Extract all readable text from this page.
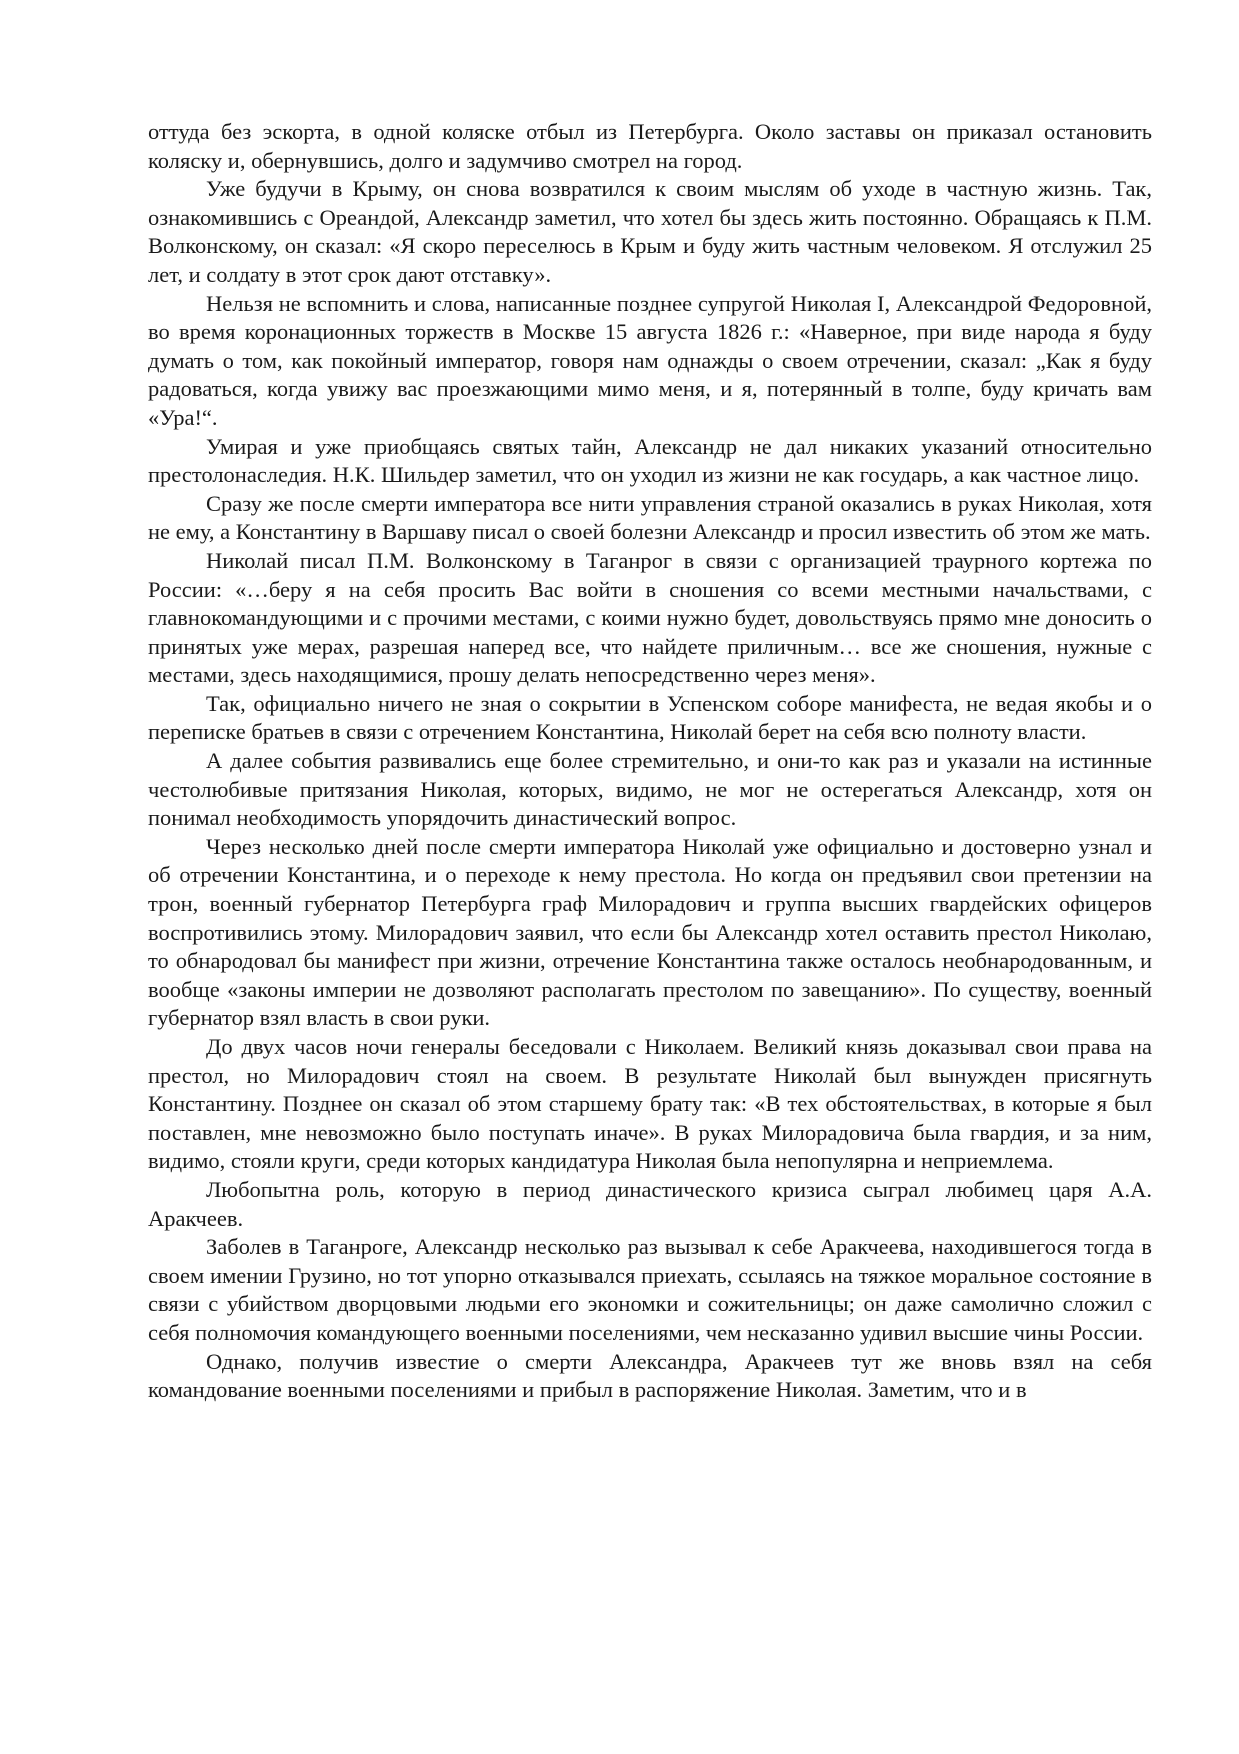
оттуда без эскорта, в одной коляске отбыл из Петербурга. Около заставы он приказал остановить коляску и, обернувшись, долго и задумчиво смотрел на город.

Уже будучи в Крыму, он снова возвратился к своим мыслям об уходе в частную жизнь. Так, ознакомившись с Ореандой, Александр заметил, что хотел бы здесь жить постоянно. Обращаясь к П.М. Волконскому, он сказал: «Я скоро переселюсь в Крым и буду жить частным человеком. Я отслужил 25 лет, и солдату в этот срок дают отставку».

Нельзя не вспомнить и слова, написанные позднее супругой Николая I, Александрой Федоровной, во время коронационных торжеств в Москве 15 августа 1826 г.: «Наверное, при виде народа я буду думать о том, как покойный император, говоря нам однажды о своем отречении, сказал: „Как я буду радоваться, когда увижу вас проезжающими мимо меня, и я, потерянный в толпе, буду кричать вам «Ура!“.

Умирая и уже приобщаясь святых тайн, Александр не дал никаких указаний относительно престолонаследия. Н.К. Шильдер заметил, что он уходил из жизни не как государь, а как частное лицо.

Сразу же после смерти императора все нити управления страной оказались в руках Николая, хотя не ему, а Константину в Варшаву писал о своей болезни Александр и просил известить об этом же мать.

Николай писал П.М. Волконскому в Таганрог в связи с организацией траурного кортежа по России: «…беру я на себя просить Вас войти в сношения со всеми местными начальствами, с главнокомандующими и с прочими местами, с коими нужно будет, довольствуясь прямо мне доносить о принятых уже мерах, разрешая наперед все, что найдете приличным… все же сношения, нужные с местами, здесь находящимися, прошу делать непосредственно через меня».

Так, официально ничего не зная о сокрытии в Успенском соборе манифеста, не ведая якобы и о переписке братьев в связи с отречением Константина, Николай берет на себя всю полноту власти.

А далее события развивались еще более стремительно, и они-то как раз и указали на истинные честолюбивые притязания Николая, которых, видимо, не мог не остерегаться Александр, хотя он понимал необходимость упорядочить династический вопрос.

Через несколько дней после смерти императора Николай уже официально и достоверно узнал и об отречении Константина, и о переходе к нему престола. Но когда он предъявил свои претензии на трон, военный губернатор Петербурга граф Милорадович и группа высших гвардейских офицеров воспротивились этому. Милорадович заявил, что если бы Александр хотел оставить престол Николаю, то обнародовал бы манифест при жизни, отречение Константина также осталось необнародованным, и вообще «законы империи не дозволяют располагать престолом по завещанию». По существу, военный губернатор взял власть в свои руки.

До двух часов ночи генералы беседовали с Николаем. Великий князь доказывал свои права на престол, но Милорадович стоял на своем. В результате Николай был вынужден присягнуть Константину. Позднее он сказал об этом старшему брату так: «В тех обстоятельствах, в которые я был поставлен, мне невозможно было поступать иначе». В руках Милорадовича была гвардия, и за ним, видимо, стояли круги, среди которых кандидатура Николая была непопулярна и неприемлема.

Любопытна роль, которую в период династического кризиса сыграл любимец царя А.А. Аракчеев.

Заболев в Таганроге, Александр несколько раз вызывал к себе Аракчеева, находившегося тогда в своем имении Грузино, но тот упорно отказывался приехать, ссылаясь на тяжкое моральное состояние в связи с убийством дворцовыми людьми его экономки и сожительницы; он даже самолично сложил с себя полномочия командующего военными поселениями, чем несказанно удивил высшие чины России.

Однако, получив известие о смерти Александра, Аракчеев тут же вновь взял на себя командование военными поселениями и прибыл в распоряжение Николая. Заметим, что и в
